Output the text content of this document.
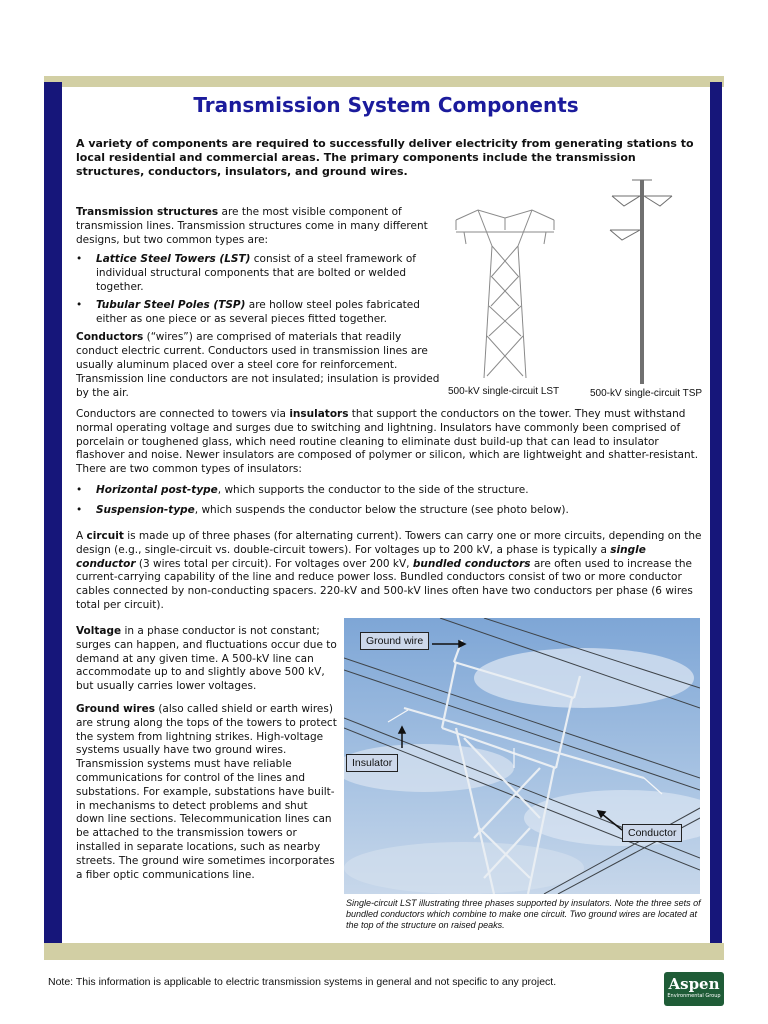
Transmission System Components
A variety of components are required to successfully deliver electricity from generating stations to local residential and commercial areas. The primary components include the transmission structures, conductors, insulators, and ground wires.
Transmission structures are the most visible component of transmission lines. Transmission structures come in many different designs, but two common types are:
•	Lattice Steel Towers (LST) consist of a steel framework of individual structural components that are bolted or welded together.
•	Tubular Steel Poles (TSP) are hollow steel poles fabricated either as one piece or as several pieces fitted together.
Conductors (“wires”) are comprised of materials that readily conduct electric current. Conductors used in transmission lines are usually aluminum placed over a steel core for reinforcement. Transmission line conductors are not insulated; insulation is provided by the air.	500-kV single-circuit LST	500-kV single-circuit TSP
Conductors are connected to towers via insulators that support the conductors on the tower. They must withstand normal operating voltage and surges due to switching and lightning. Insulators have commonly been comprised of porcelain or toughened glass, which need routine cleaning to eliminate dust build-up that can lead to insulator flashover and noise. Newer insulators are composed of polymer or silicon, which are lightweight and shatter-resistant. There are two common types of insulators:
•	Horizontal post-type, which supports the conductor to the side of the structure.
•	Suspension-type, which suspends the conductor below the structure (see photo below).
A circuit is made up of three phases (for alternating current). Towers can carry one or more circuits, depending on the design (e.g., single-circuit vs. double-circuit towers). For voltages up to 200 kV, a phase is typically a single conductor (3 wires total per circuit). For voltages over 200 kV, bundled conductors are often used to increase the current-carrying capability of the line and reduce power loss. Bundled conductors consist of two or more conductor cables connected by non-conducting spacers. 220-kV and 500-kV lines often have two conductors per phase (6 wires total per circuit).
Voltage in a phase conductor is not constant; surges can happen, and fluctuations occur due to demand at any given time. A 500-kV line can accommodate up to and slightly above 500 kV, but usually carries lower voltages.
Ground wires (also called shield or earth wires) are strung along the tops of the towers to protect the system from lightning strikes. High-voltage systems usually have two ground wires. Transmission systems must have reliable communications for control of the lines and substations. For example, substations have built-in mechanisms to detect problems and shut down line sections. Telecommunication lines can be attached to the transmission towers or installed in separate locations, such as nearby streets. The ground wire sometimes incorporates a fiber optic communications line.
Ground wire
Insulator
Conductor
Single-circuit LST illustrating three phases supported by insulators. Note the three sets of bundled conductors which combine to make one circuit. Two ground wires are located at the top of the structure on raised peaks.
Note: This information is applicable to electric transmission systems in general and not specific to any project.	Aspen
Environmental Group
